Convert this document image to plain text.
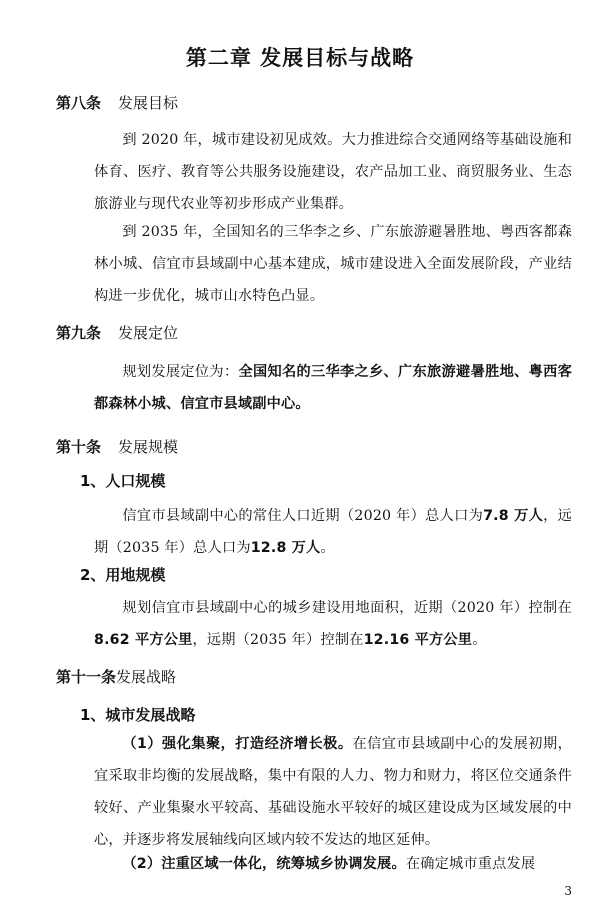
第二章 发展目标与战略
第八条 发展目标

到 2020 年，城市建设初见成效。大力推进综合交通网络等基础设施和体育、医疗、教育等公共服务设施建设，农产品加工业、商贸服务业、生态旅游业与现代农业等初步形成产业集群。

到 2035 年，全国知名的三华李之乡、广东旅游避暑胜地、粤西客都森林小城、信宜市县域副中心基本建成，城市建设进入全面发展阶段，产业结构进一步优化，城市山水特色凸显。

第九条 发展定位

规划发展定位为：全国知名的三华李之乡、广东旅游避暑胜地、粤西客都森林小城、信宜市县域副中心。

第十条 发展规模
1、人口规模

信宜市县域副中心的常住人口近期（2020 年）总人口为7.8 万人，远期（2035 年）总人口为12.8 万人。

2、用地规模

规划信宜市县域副中心的城乡建设用地面积，近期（2020 年）控制在8.62 平方公里，远期（2035 年）控制在12.16 平方公里。

第十一条发展战略
1、城市发展战略

（1）强化集聚，打造经济增长极。在信宜市县域副中心的发展初期，宜采取非均衡的发展战略，集中有限的人力、物力和财力，将区位交通条件较好、产业集聚水平较高、基础设施水平较好的城区建设成为区域发展的中心，并逐步将发展轴线向区域内较不发达的地区延伸。

（2）注重区域一体化，统筹城乡协调发展。在确定城市重点发展

3
